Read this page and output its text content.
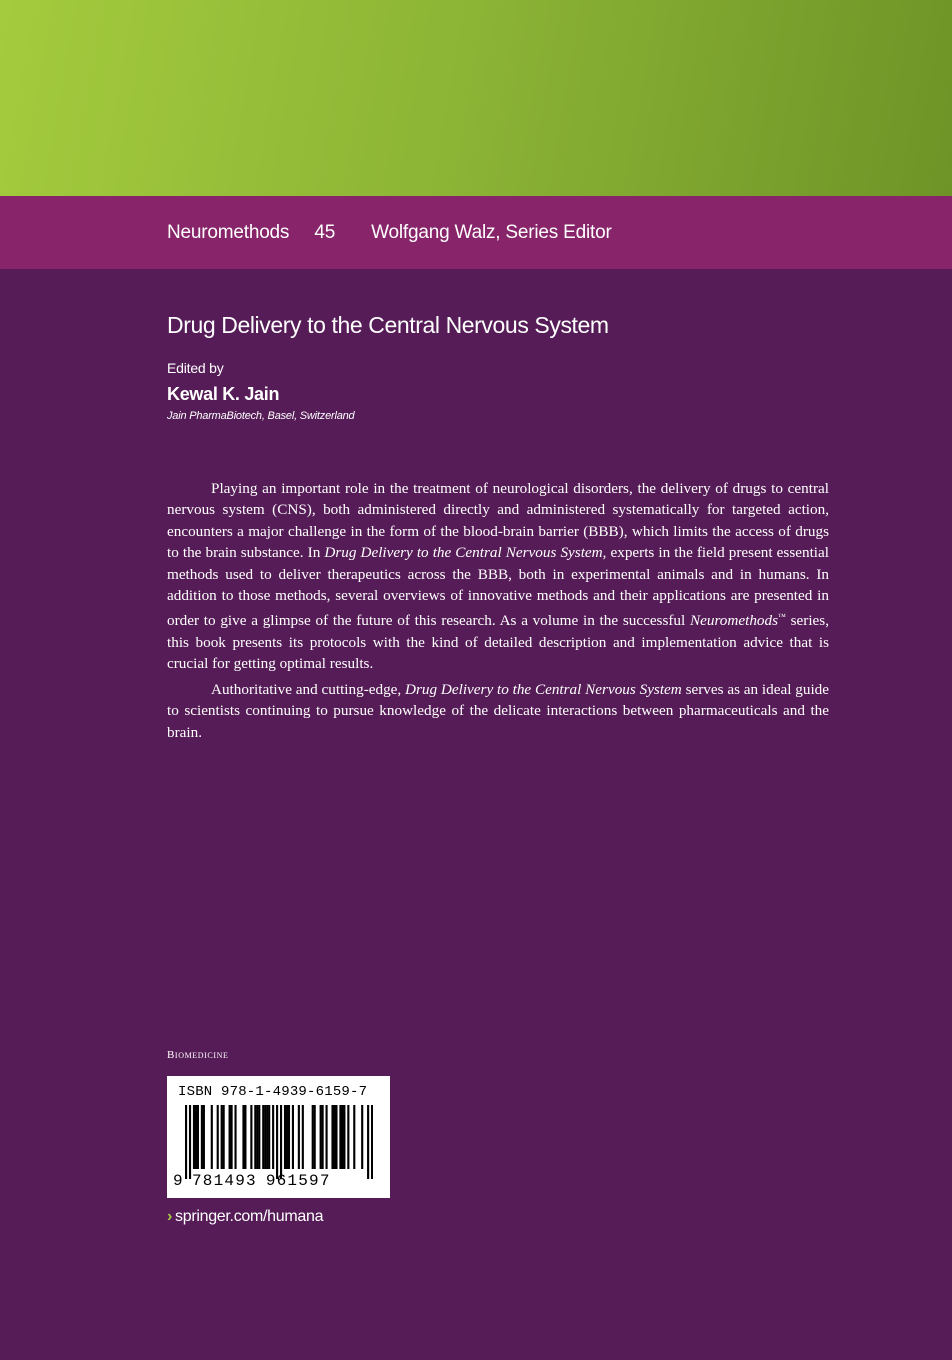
Neuromethods 45 Wolfgang Walz, Series Editor
Drug Delivery to the Central Nervous System
Edited by
Kewal K. Jain
Jain PharmaBiotech, Basel, Switzerland

Playing an important role in the treatment of neurological disorders, the delivery of drugs to central nervous system (CNS), both administered directly and administered systematically for targeted action, encounters a major challenge in the form of the blood-brain barrier (BBB), which limits the access of drugs to the brain substance. In Drug Delivery to the Central Nervous System, experts in the field present essential methods used to deliver therapeutics across the BBB, both in experimental animals and in humans. In addition to those methods, several overviews of innovative methods and their applications are presented in order to give a glimpse of the future of this research. As a volume in the successful Neuromethods™ series, this book presents its protocols with the kind of detailed description and implementation advice that is crucial for getting optimal results.

Authoritative and cutting-edge, Drug Delivery to the Central Nervous System serves as an ideal guide to scientists continuing to pursue knowledge of the delicate interactions between pharmaceuticals and the brain.

Biomedicine
ISBN 978-1-4939-6159-7
9 781493 961597
› springer.com/humana
